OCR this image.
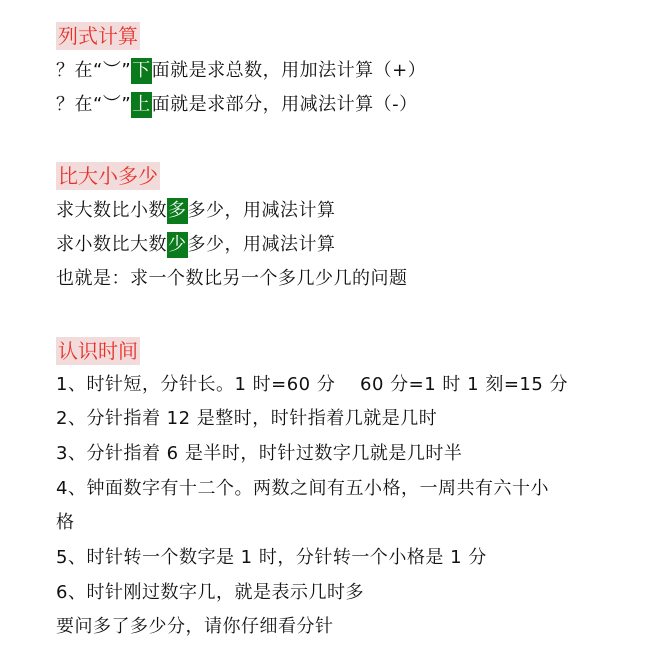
列式计算
？在“︶”下面就是求总数，用加法计算（+）
？在“︶”上面就是求部分，用减法计算（-）
比大小多少
求大数比小数多多少，用减法计算
求小数比大数少多少，用减法计算
也就是：求一个数比另一个多几少几的问题
认识时间
1、时针短，分针长。1 时=60 分　 60 分=1 时 1 刻=15 分
2、分针指着 12 是整时，时针指着几就是几时
3、分针指着 6 是半时，时针过数字几就是几时半
4、钟面数字有十二个。两数之间有五小格，一周共有六十小
格
5、时针转一个数字是 1 时，分针转一个小格是 1 分
6、时针刚过数字几，就是表示几时多
要问多了多少分，请你仔细看分针
